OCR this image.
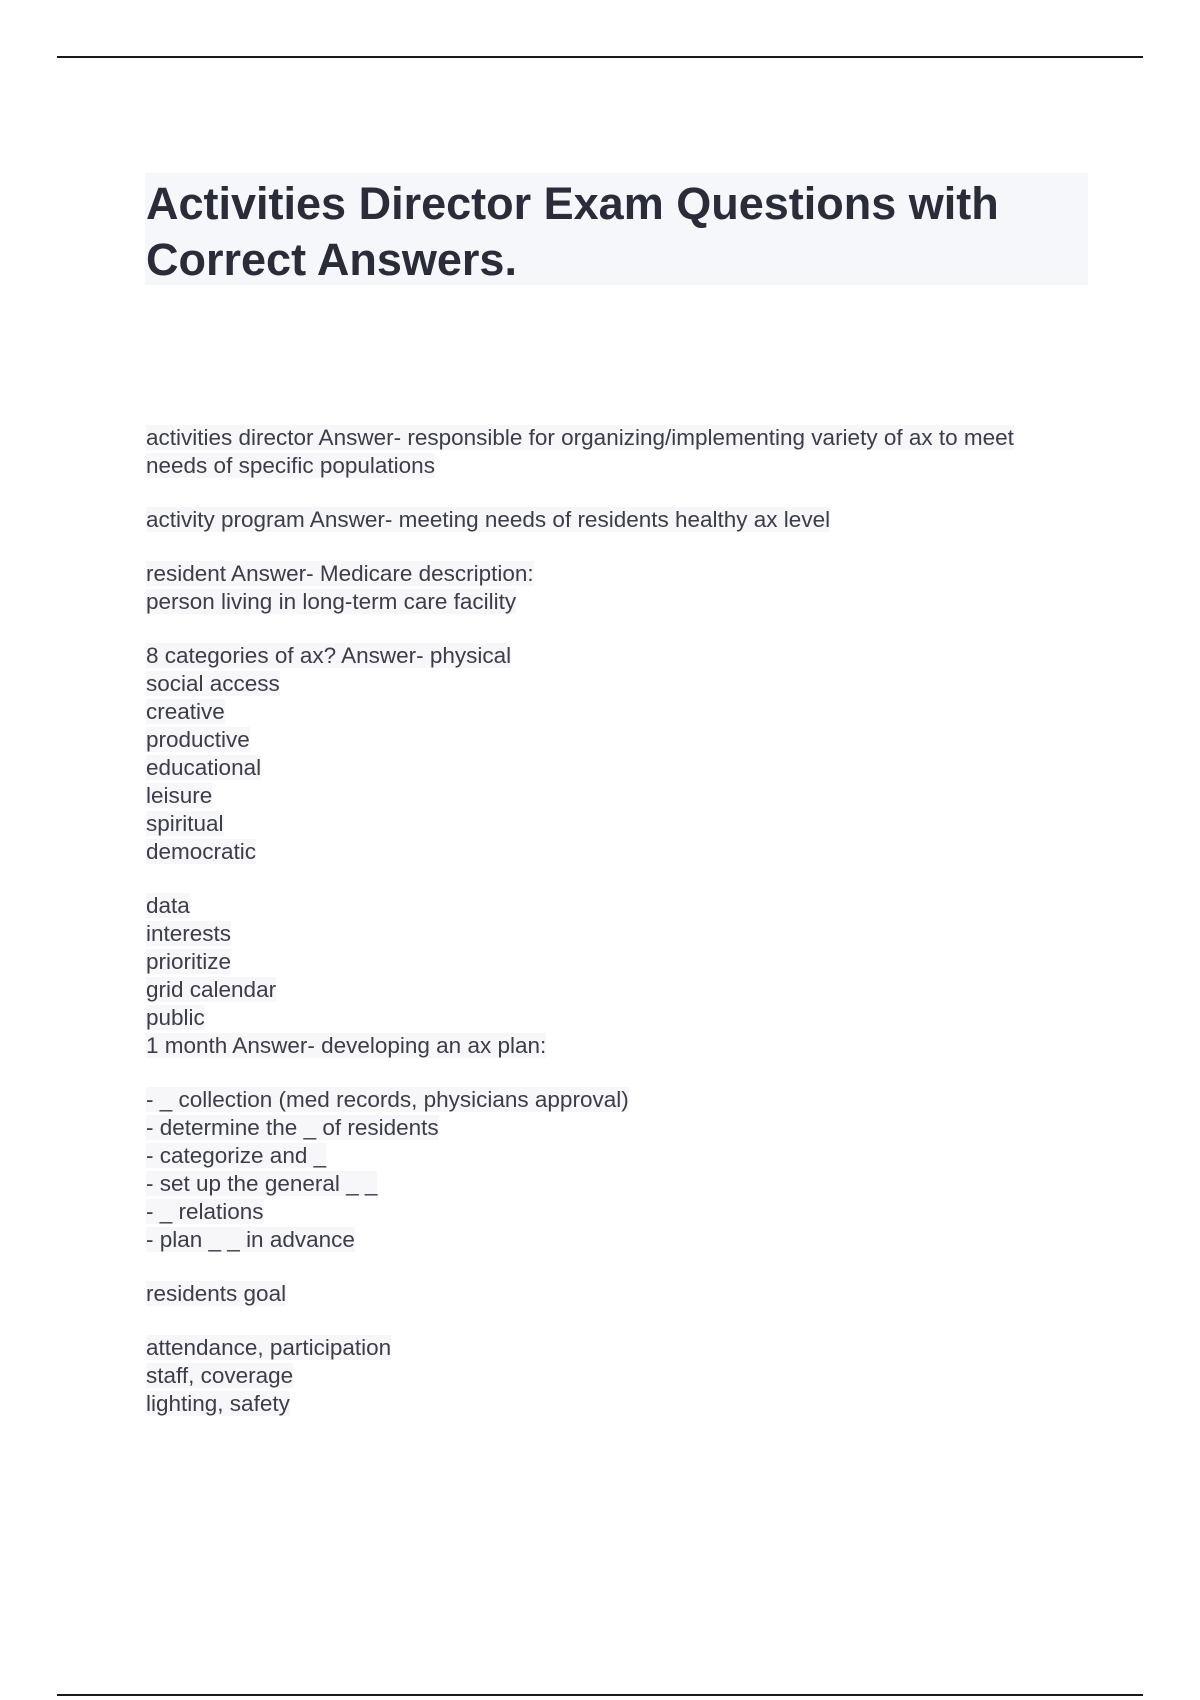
Activities Director Exam Questions with Correct Answers.
activities director Answer- responsible for organizing/implementing variety of ax to meet
needs of specific populations
activity program Answer- meeting needs of residents healthy ax level
resident Answer- Medicare description:
person living in long-term care facility
8 categories of ax? Answer- physical
social access
creative
productive
educational
leisure
spiritual
democratic
data
interests
prioritize
grid calendar
public
1 month Answer- developing an ax plan:
- _ collection (med records, physicians approval)
- determine the _ of residents
- categorize and _
- set up the general _ _
- _ relations
- plan _ _ in advance
residents goal
attendance, participation
staff, coverage
lighting, safety
